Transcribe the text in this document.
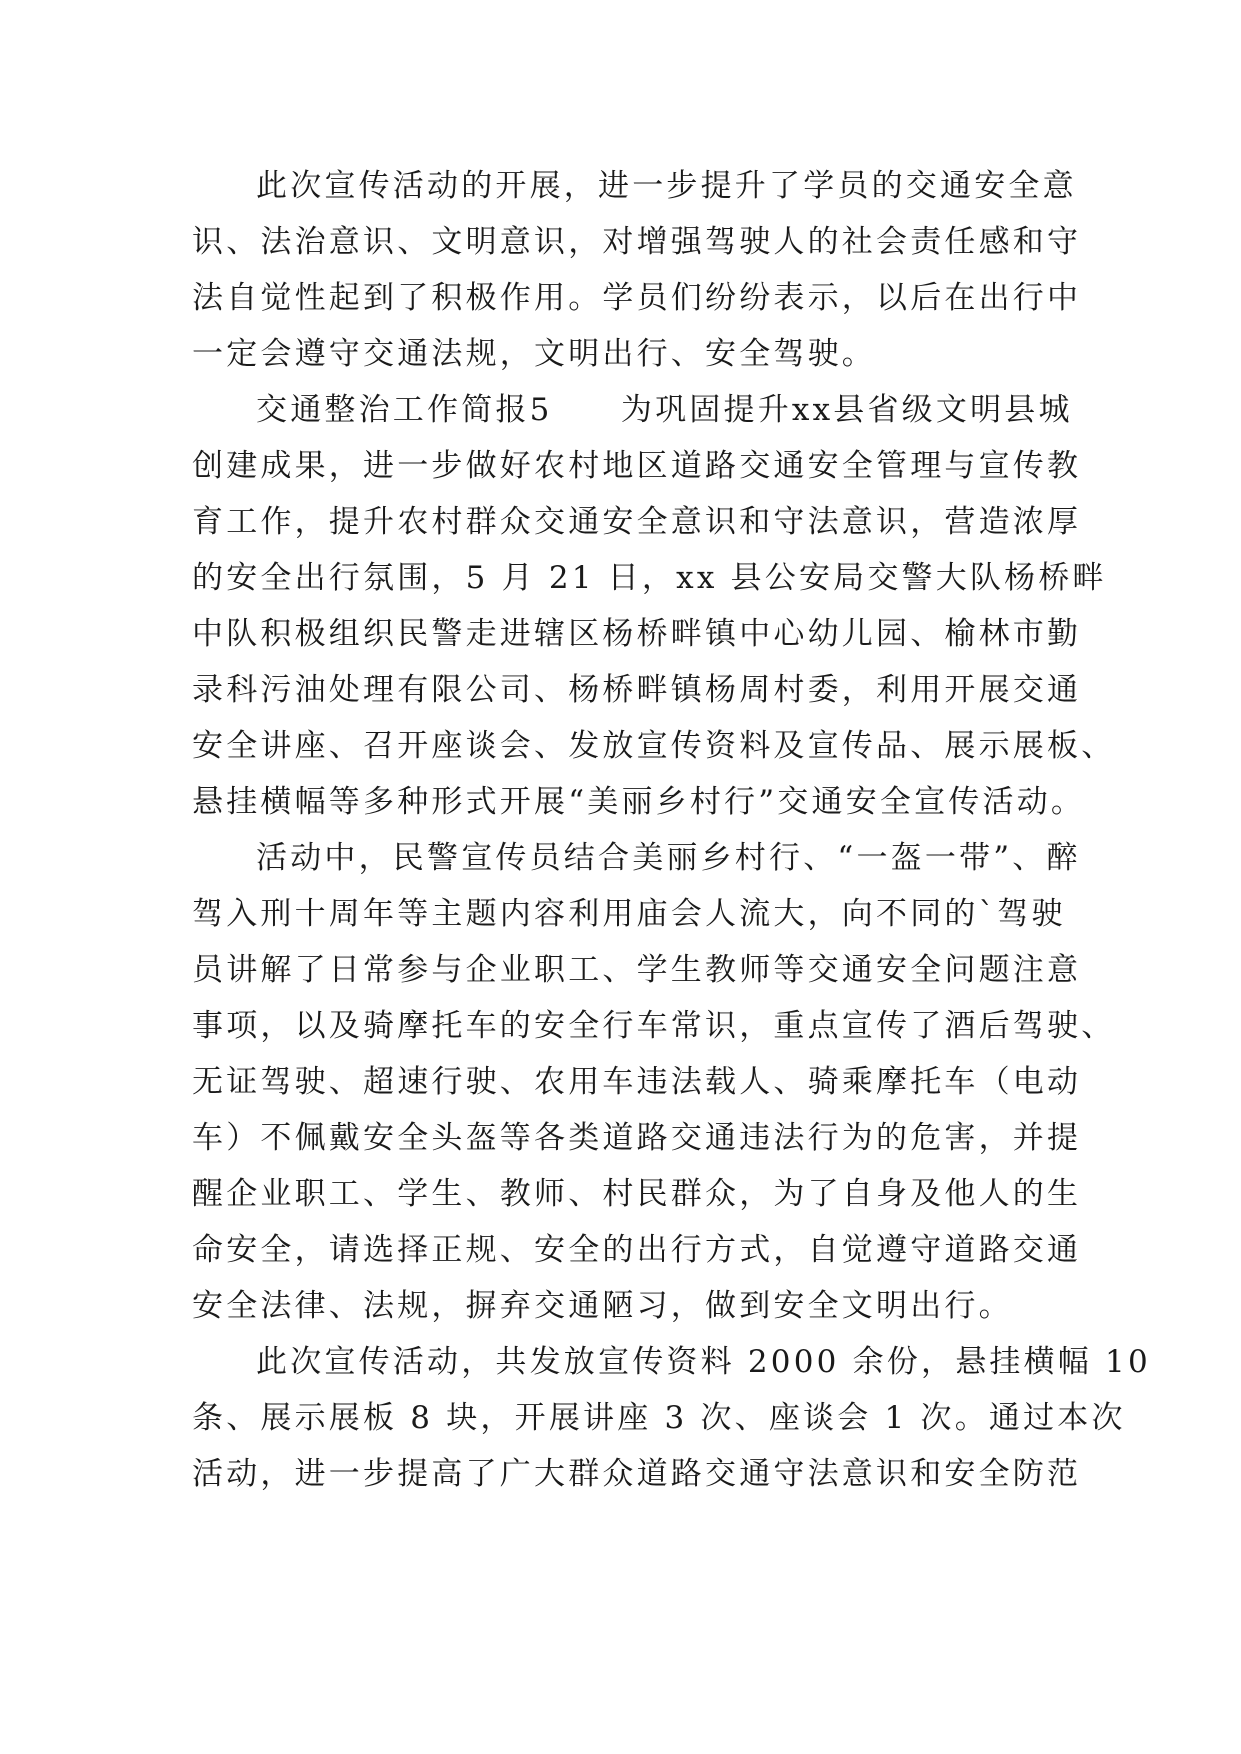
此次宣传活动的开展，进一步提升了学员的交通安全意
识、法治意识、文明意识，对增强驾驶人的社会责任感和守
法自觉性起到了积极作用。学员们纷纷表示，以后在出行中
一定会遵守交通法规，文明出行、安全驾驶。
交通整治工作简报5　　为巩固提升xx县省级文明县城
创建成果，进一步做好农村地区道路交通安全管理与宣传教
育工作，提升农村群众交通安全意识和守法意识，营造浓厚
的安全出行氛围，5 月 21 日，xx 县公安局交警大队杨桥畔
中队积极组织民警走进辖区杨桥畔镇中心幼儿园、榆林市勤
录科污油处理有限公司、杨桥畔镇杨周村委，利用开展交通
安全讲座、召开座谈会、发放宣传资料及宣传品、展示展板、
悬挂横幅等多种形式开展“美丽乡村行”交通安全宣传活动。
活动中，民警宣传员结合美丽乡村行、“一盔一带”、醉
驾入刑十周年等主题内容利用庙会人流大，向不同的`驾驶
员讲解了日常参与企业职工、学生教师等交通安全问题注意
事项，以及骑摩托车的安全行车常识，重点宣传了酒后驾驶、
无证驾驶、超速行驶、农用车违法载人、骑乘摩托车（电动
车）不佩戴安全头盔等各类道路交通违法行为的危害，并提
醒企业职工、学生、教师、村民群众，为了自身及他人的生
命安全，请选择正规、安全的出行方式，自觉遵守道路交通
安全法律、法规，摒弃交通陋习，做到安全文明出行。
此次宣传活动，共发放宣传资料 2000 余份，悬挂横幅 10
条、展示展板 8 块，开展讲座 3 次、座谈会 1 次。通过本次
活动，进一步提高了广大群众道路交通守法意识和安全防范
